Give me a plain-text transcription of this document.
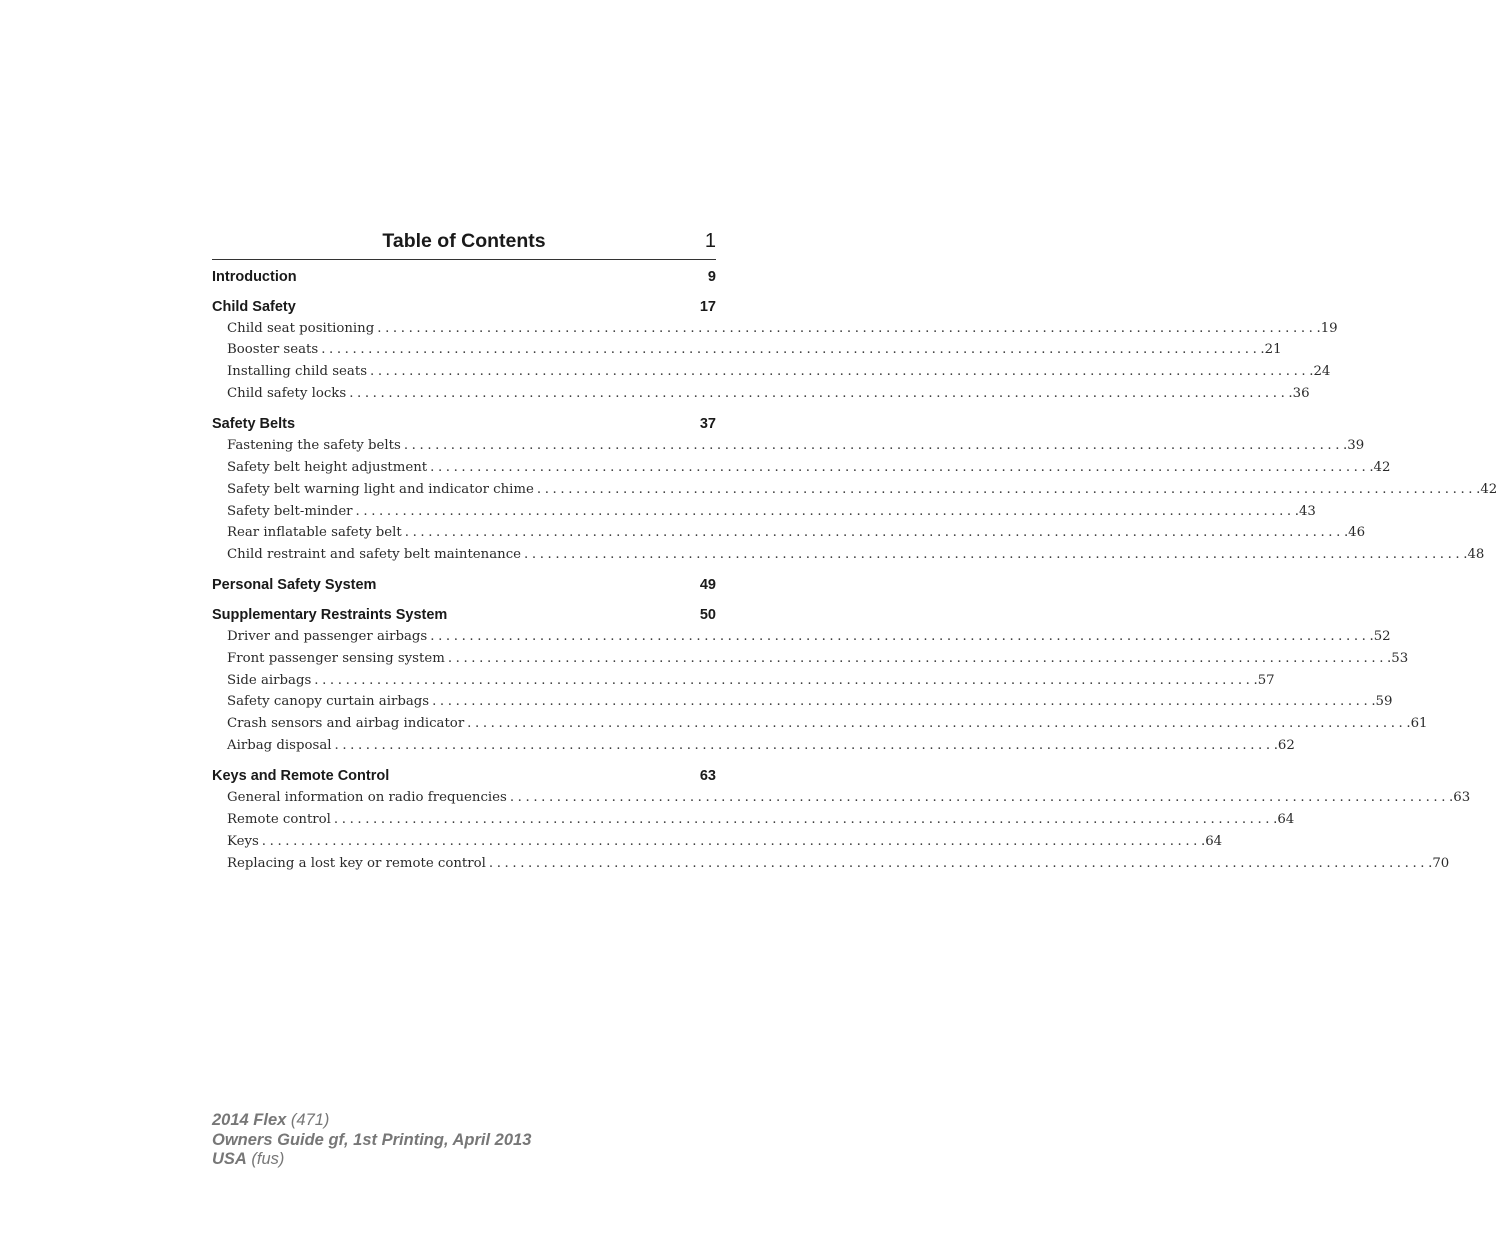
Table of Contents	1
Introduction	9
Child Safety	17
Child seat positioning ........................................................................................................................ .19
Booster seats ........................................................................................................................ .21
Installing child seats ........................................................................................................................ .24
Child safety locks ........................................................................................................................ .36
Safety Belts	37
Fastening the safety belts ........................................................................................................................ .39
Safety belt height adjustment ........................................................................................................................ .42
Safety belt warning light and indicator chime ........................................................................................................................ .42
Safety belt-minder ........................................................................................................................ .43
Rear inflatable safety belt ........................................................................................................................ .46
Child restraint and safety belt maintenance ........................................................................................................................ .48
Personal Safety System	49
Supplementary Restraints System	50
Driver and passenger airbags ........................................................................................................................ .52
Front passenger sensing system ........................................................................................................................ .53
Side airbags ........................................................................................................................ .57
Safety canopy curtain airbags ........................................................................................................................ .59
Crash sensors and airbag indicator ........................................................................................................................ .61
Airbag disposal ........................................................................................................................ .62
Keys and Remote Control	63
General information on radio frequencies ........................................................................................................................ .63
Remote control ........................................................................................................................ .64
Keys ........................................................................................................................ .64
Replacing a lost key or remote control ........................................................................................................................ .70
2014 Flex (471)
Owners Guide gf, 1st Printing, April 2013
USA (fus)
